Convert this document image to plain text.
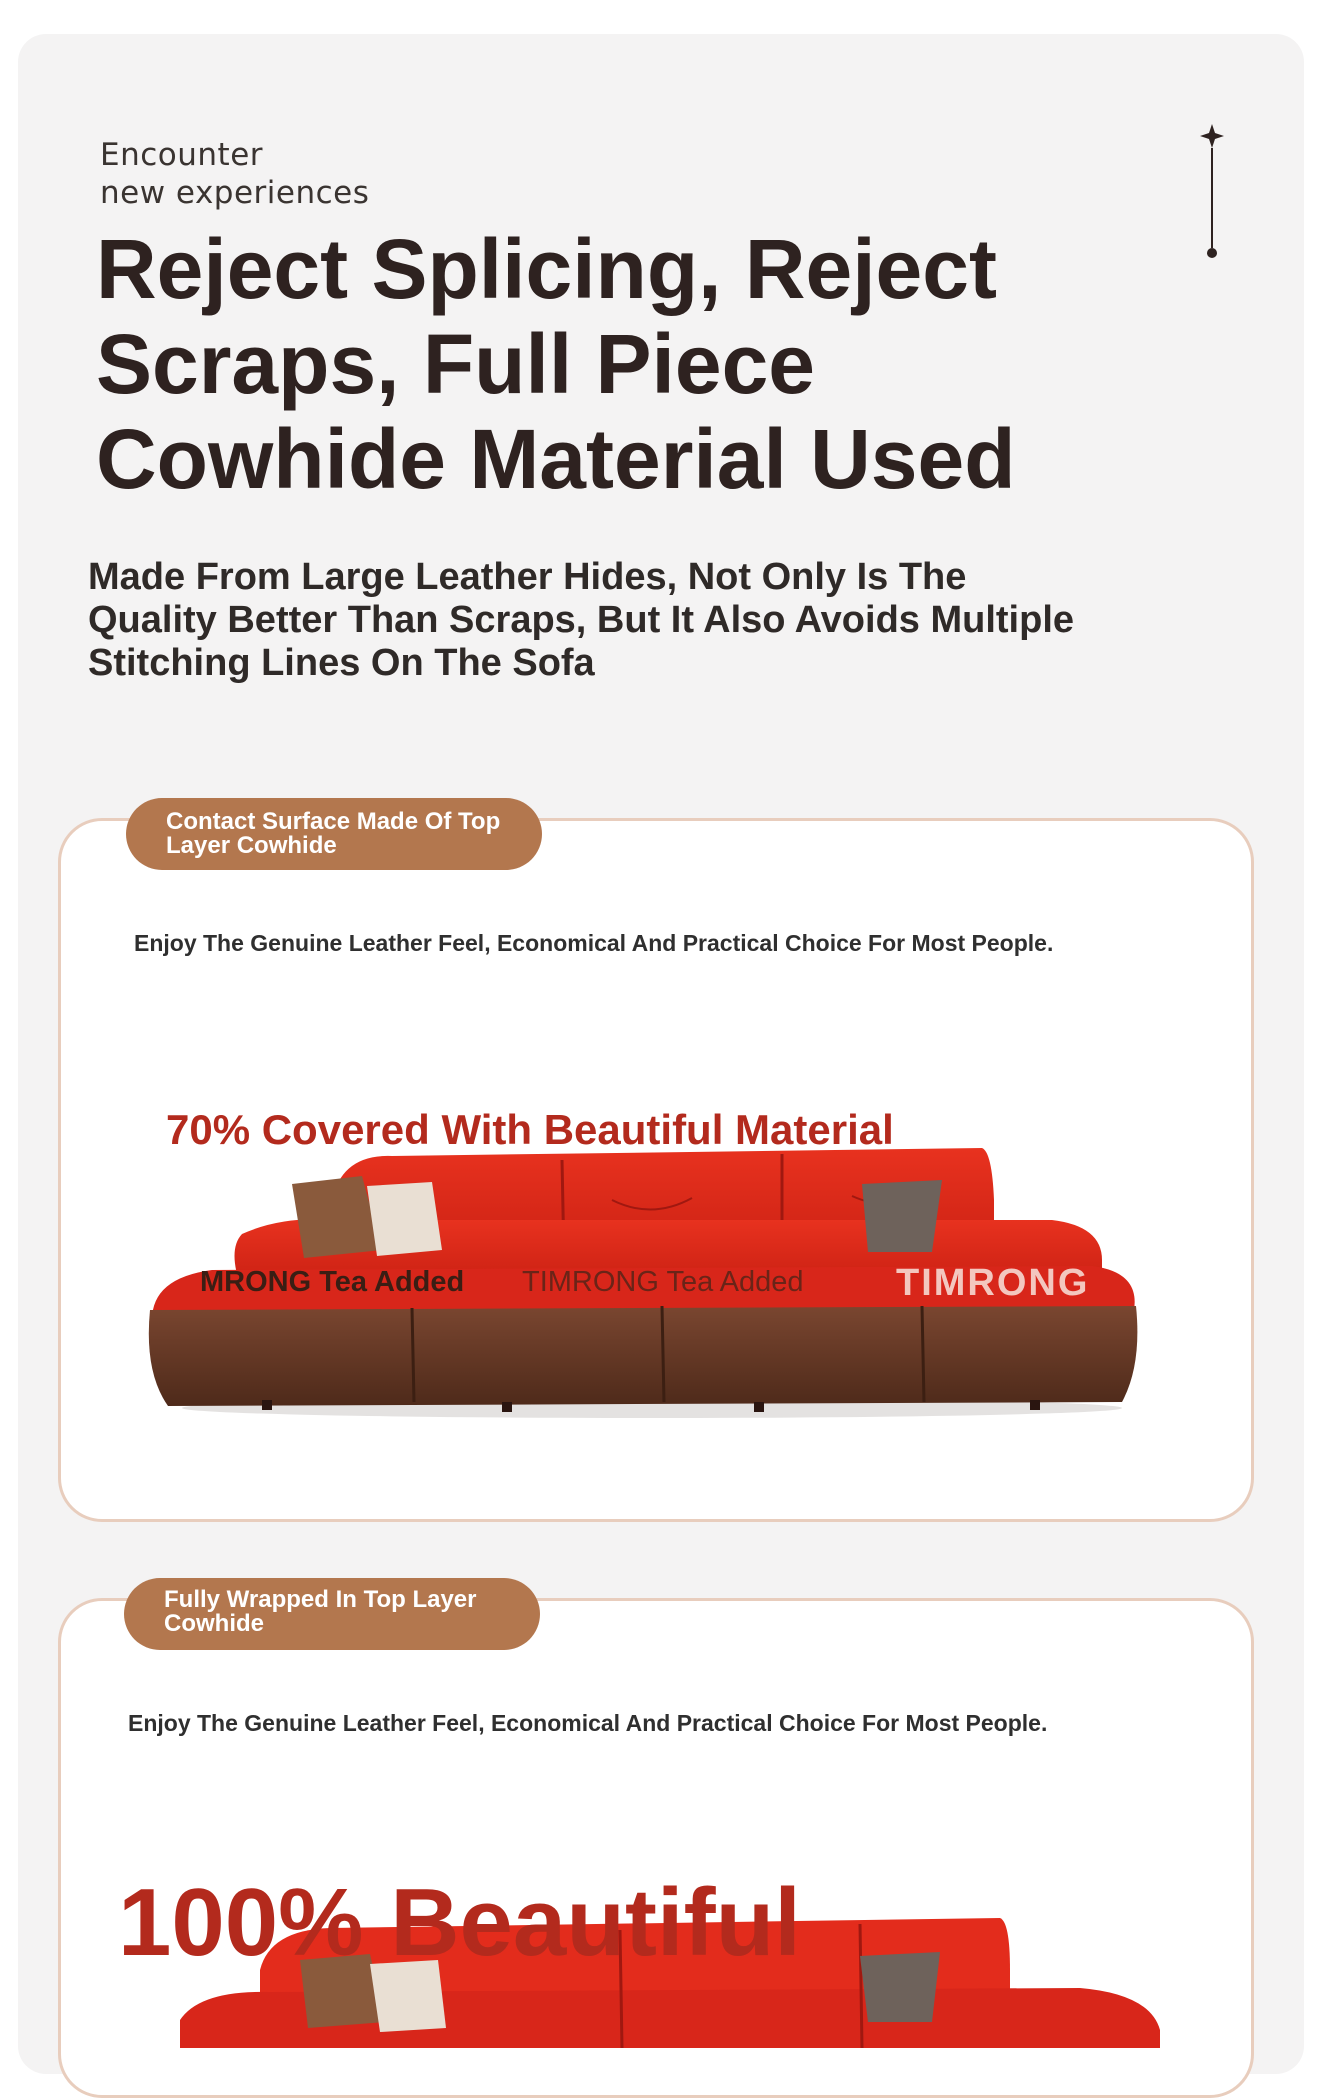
Encounter
new experiences
Reject Splicing, Reject Scraps, Full Piece Cowhide Material Used

Made From Large Leather Hides, Not Only Is The Quality Better Than Scraps, But It Also Avoids Multiple Stitching Lines On The Sofa

Contact Surface Made Of Top Layer Cowhide
Enjoy The Genuine Leather Feel, Economical And Practical Choice For Most People.
70% Covered With Beautiful Material
MRONG Tea Added TIMRONG Tea Added TIMRONG
Fully Wrapped In Top Layer Cowhide
Enjoy The Genuine Leather Feel, Economical And Practical Choice For Most People.
100% Beautiful
